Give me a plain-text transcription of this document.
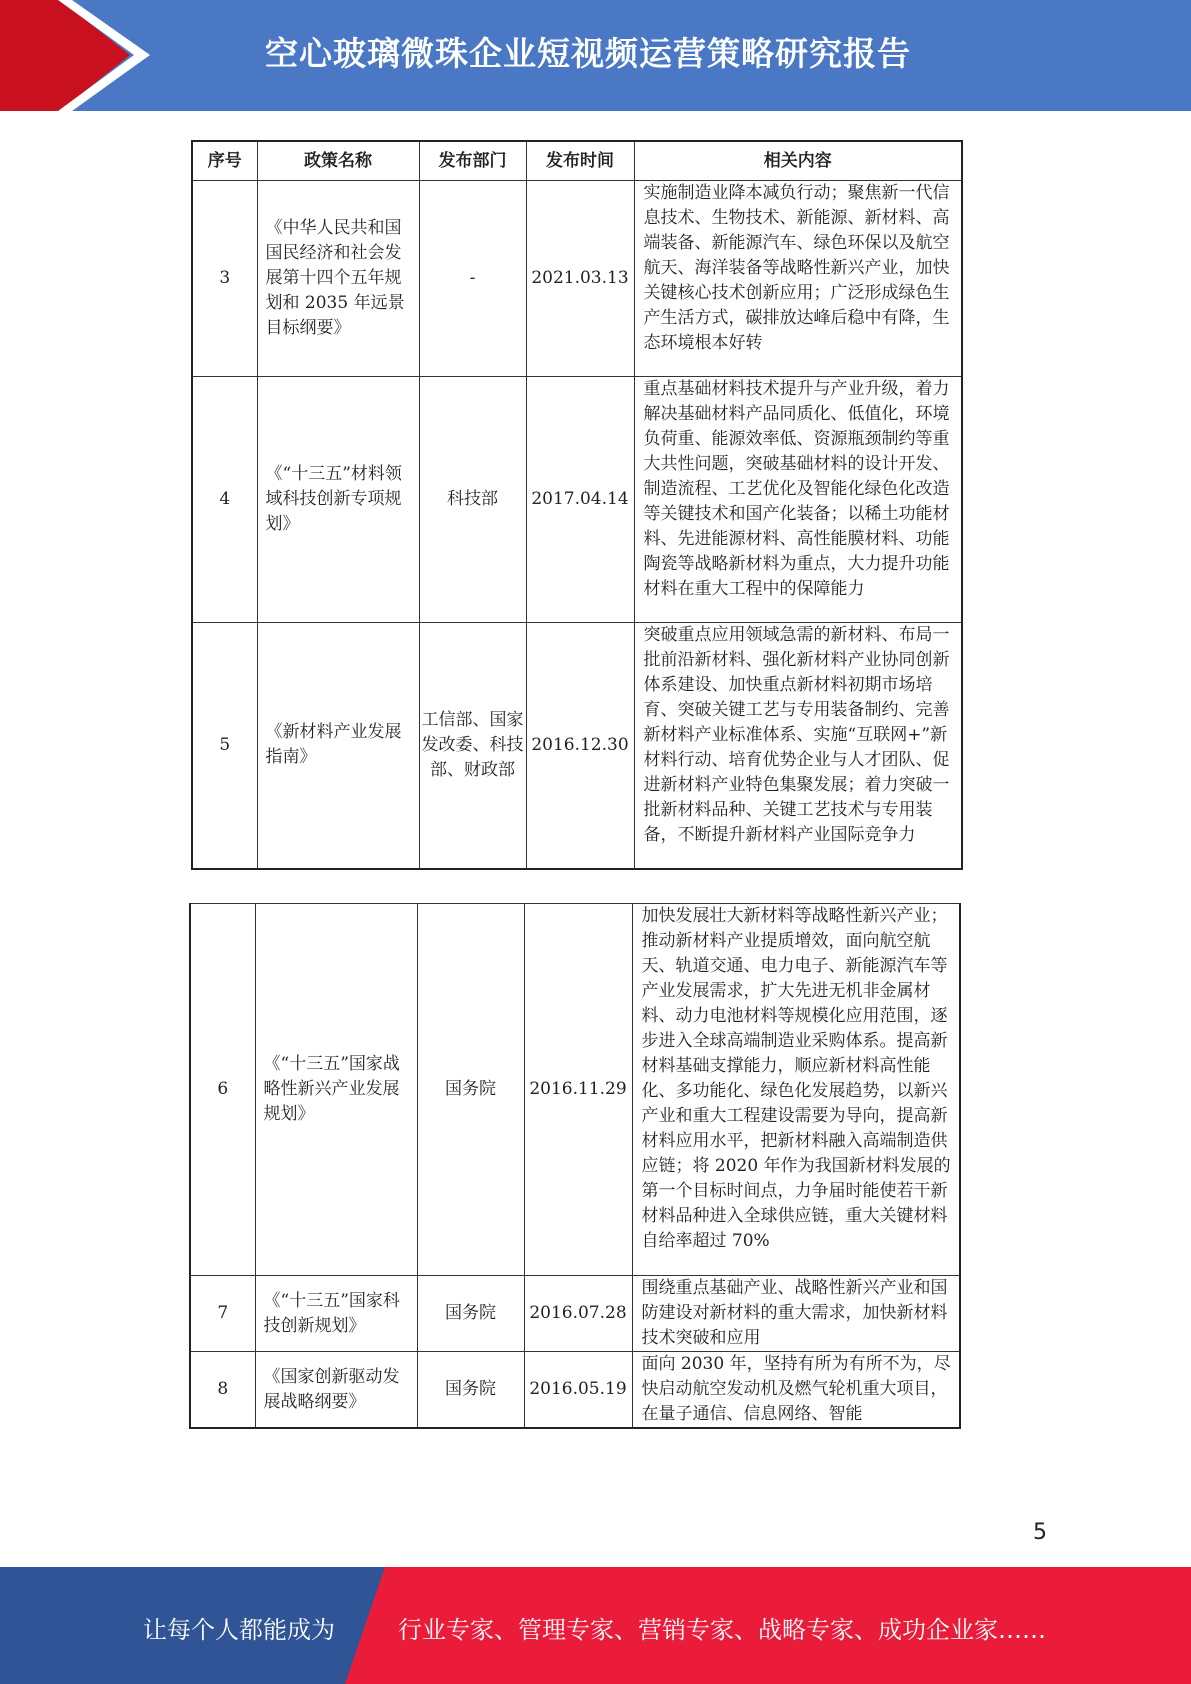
空心玻璃微珠企业短视频运营策略研究报告
序号	政策名称	发布部门	发布时间	相关内容
3	《中华人民共和国国民经济和社会发展第十四个五年规划和 2035 年远景目标纲要》	-	2021.03.13	实施制造业降本减负行动；聚焦新一代信息技术、生物技术、新能源、新材料、高端装备、新能源汽车、绿色环保以及航空航天、海洋装备等战略性新兴产业，加快关键核心技术创新应用；广泛形成绿色生产生活方式，碳排放达峰后稳中有降，生态环境根本好转
4	《“十三五”材料领域科技创新专项规划》	科技部	2017.04.14	重点基础材料技术提升与产业升级，着力解决基础材料产品同质化、低值化，环境负荷重、能源效率低、资源瓶颈制约等重大共性问题，突破基础材料的设计开发、制造流程、工艺优化及智能化绿色化改造等关键技术和国产化装备；以稀土功能材料、先进能源材料、高性能膜材料、功能陶瓷等战略新材料为重点，大力提升功能材料在重大工程中的保障能力
5	《新材料产业发展指南》	工信部、国家发改委、科技部、财政部	2016.12.30	突破重点应用领域急需的新材料、布局一批前沿新材料、强化新材料产业协同创新体系建设、加快重点新材料初期市场培育、突破关键工艺与专用装备制约、完善新材料产业标准体系、实施“互联网+”新材料行动、培育优势企业与人才团队、促进新材料产业特色集聚发展；着力突破一批新材料品种、关键工艺技术与专用装备，不断提升新材料产业国际竞争力
6	《“十三五”国家战略性新兴产业发展规划》	国务院	2016.11.29	加快发展壮大新材料等战略性新兴产业；推动新材料产业提质增效，面向航空航天、轨道交通、电力电子、新能源汽车等产业发展需求，扩大先进无机非金属材料、动力电池材料等规模化应用范围，逐步进入全球高端制造业采购体系。提高新材料基础支撑能力，顺应新材料高性能化、多功能化、绿色化发展趋势，以新兴产业和重大工程建设需要为导向，提高新材料应用水平，把新材料融入高端制造供应链；将 2020 年作为我国新材料发展的第一个目标时间点，力争届时能使若干新材料品种进入全球供应链，重大关键材料自给率超过 70%
7	《“十三五”国家科技创新规划》	国务院	2016.07.28	围绕重点基础产业、战略性新兴产业和国防建设对新材料的重大需求，加快新材料技术突破和应用
8	《国家创新驱动发展战略纲要》	国务院	2016.05.19	面向 2030 年，坚持有所为有所不为，尽快启动航空发动机及燃气轮机重大项目，在量子通信、信息网络、智能
5
让每个人都能成为	行业专家、管理专家、营销专家、战略专家、成功企业家……
